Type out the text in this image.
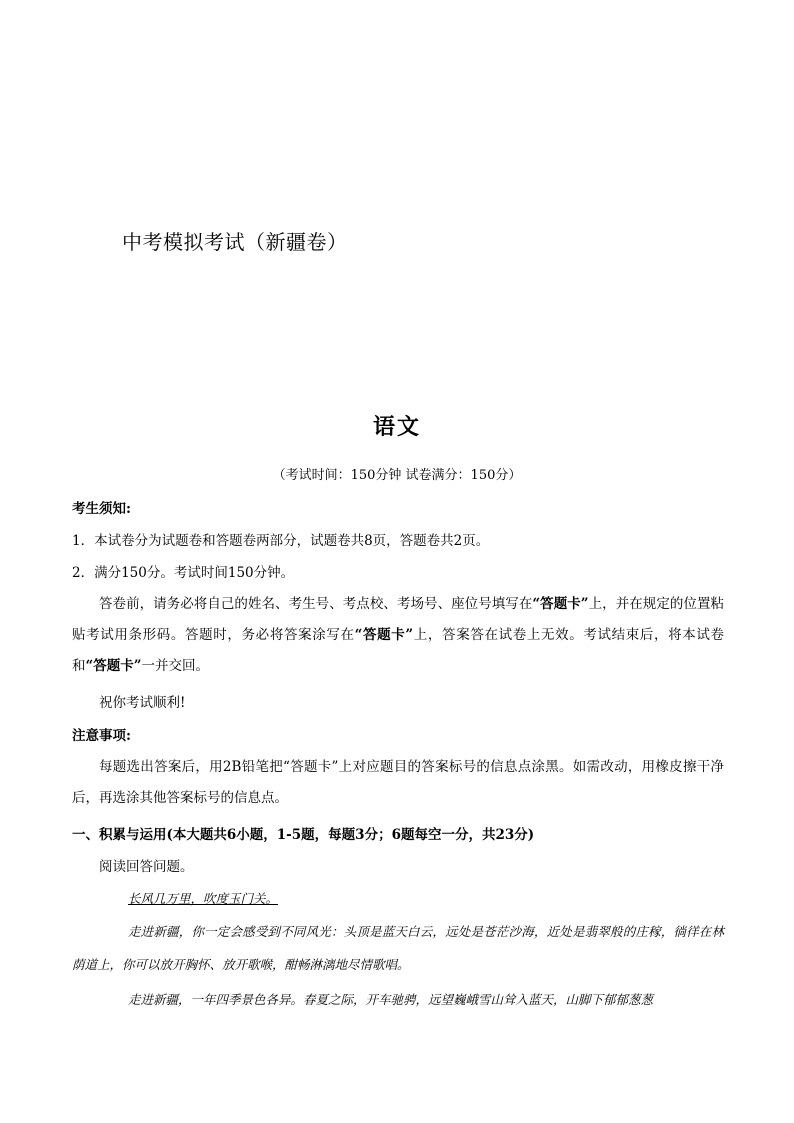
中考模拟考试（新疆卷）
语文
（考试时间：150分钟 试卷满分：150分）
考生须知:
1．本试卷分为试题卷和答题卷两部分，试题卷共8页，答题卷共2页。
2．满分150分。考试时间150分钟。
答卷前，请务必将自己的姓名、考生号、考点校、考场号、座位号填写在“答题卡”上，并在规定的位置粘贴考试用条形码。答题时，务必将答案涂写在“答题卡”上，答案答在试卷上无效。考试结束后，将本试卷和“答题卡”一并交回。
祝你考试顺利!
注意事项:
每题选出答案后，用2B铅笔把“答题卡”上对应题目的答案标号的信息点涂黑。如需改动，用橡皮擦干净后，再选涂其他答案标号的信息点。
一、积累与运用(本大题共6小题，1-5题，每题3分；6题每空一分，共23分)
阅读回答问题。
长风几万里，吹度玉门关。
走进新疆，你一定会感受到不同风光：头顶是蓝天白云，远处是苍茫沙海，近处是翡翠般的庄稼，徜徉在林荫道上，你可以放开胸怀、放开歌喉，酣畅淋漓地尽情歌唱。
走进新疆，一年四季景色各异。春夏之际，开车驰骋，远望巍峨雪山耸入蓝天，山脚下郁郁葱葱
